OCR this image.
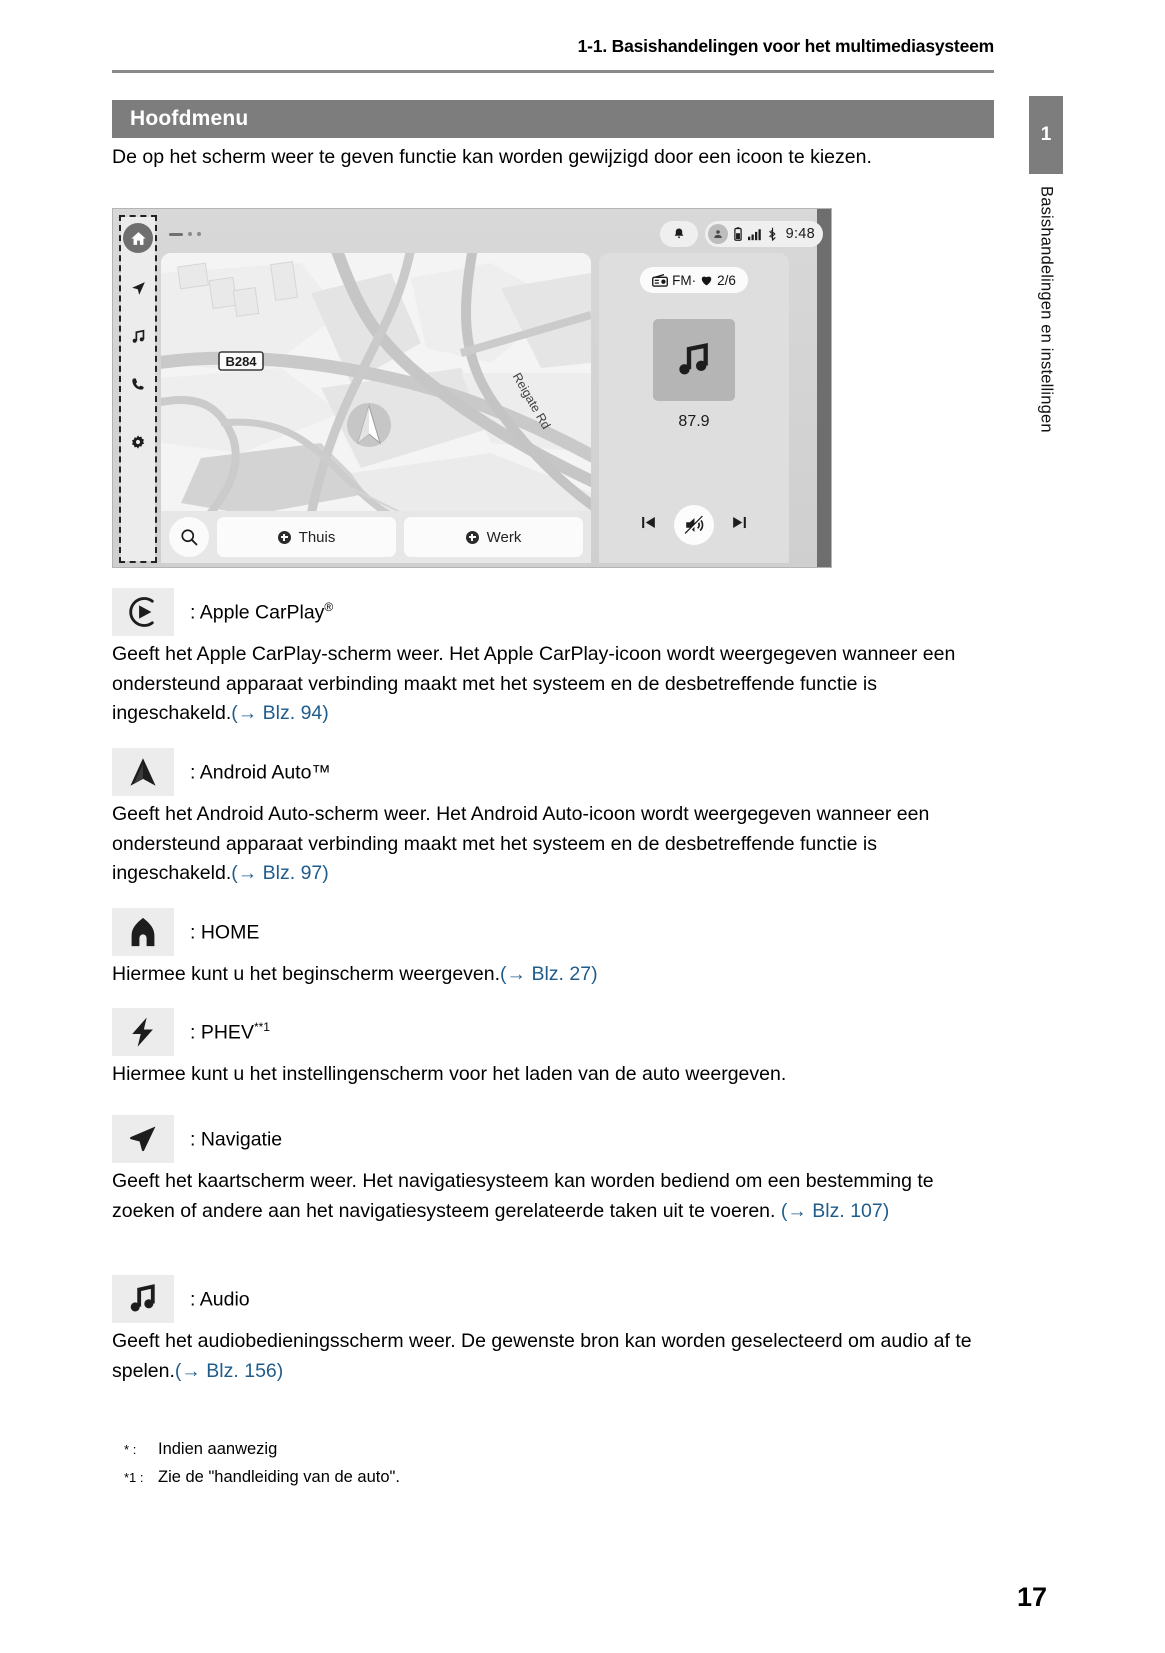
1-1. Basishandelingen voor het multimediasysteem
1
Basishandelingen en instellingen
Hoofdmenu
De op het scherm weer te geven functie kan worden gewijzigd door een icoon te kiezen.
9:48
B284
Reigate Rd
Thuis	Werk
FM· 2/6
87.9
: Apple CarPlay®
Geeft het Apple CarPlay-scherm weer. Het Apple CarPlay-icoon wordt weergegeven wanneer een ondersteund apparaat verbinding maakt met het systeem en de desbetreffende functie is ingeschakeld.(→ Blz. 94)
: Android Auto™
Geeft het Android Auto-scherm weer. Het Android Auto-icoon wordt weergegeven wanneer een ondersteund apparaat verbinding maakt met het systeem en de desbetreffende functie is ingeschakeld.(→ Blz. 97)
: HOME
Hiermee kunt u het beginscherm weergeven.(→ Blz. 27)
: PHEV$^{**1}$
Hiermee kunt u het instellingenscherm voor het laden van de auto weergeven.
: Navigatie
Geeft het kaartscherm weer. Het navigatiesysteem kan worden bediend om een bestemming te zoeken of andere aan het navigatiesysteem gerelateerde taken uit te voeren. (→ Blz. 107)
: Audio
Geeft het audiobedieningsscherm weer. De gewenste bron kan worden geselecteerd om audio af te spelen.(→ Blz. 156)
* :	Indien aanwezig
*1 : Zie de "handleiding van de auto".
17
